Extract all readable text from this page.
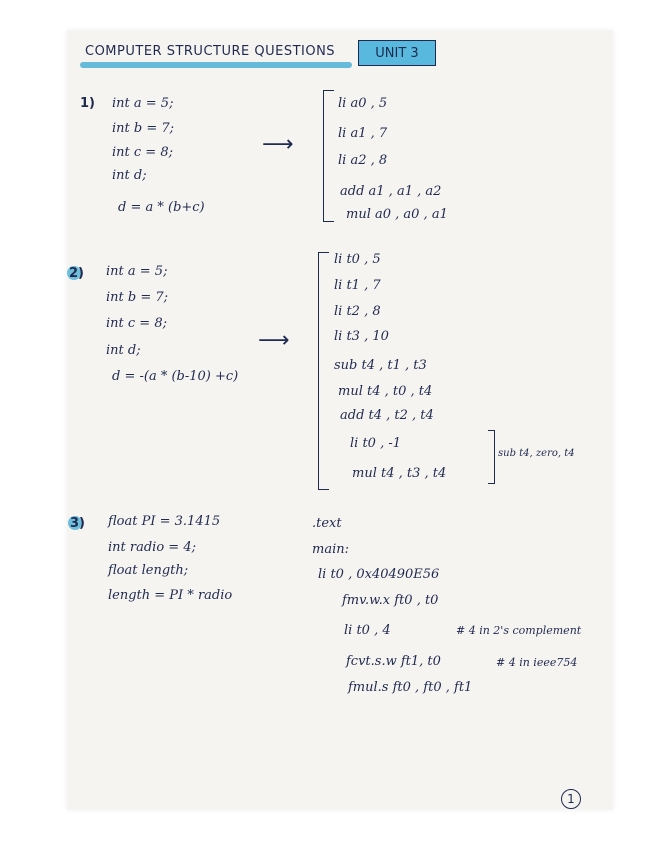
COMPUTER STRUCTURE QUESTIONS	UNIT 3
1) int a = 5;
int b = 7;
int c = 8;
int d;
d = a * (b+c)
⟶
li a0 , 5
li a1 , 7
li a2 , 8
add a1 , a1 , a2
mul a0 , a0 , a1
2) int a = 5;
int b = 7;
int c = 8;
int d;
d = -(a * (b-10) +c)
⟶
li t0 , 5
li t1 , 7
li t2 , 8
li t3 , 10
sub t4 , t1 , t3
mul t4 , t0 , t4
add t4 , t2 , t4
li t0 , -1
mul t4 , t3 , t4
sub t4, zero, t4
3) float PI = 3.1415
int radio = 4;
float length;
length = PI * radio
.text
main:
li t0 , 0x40490E56
fmv.w.x ft0 , t0
li t0 , 4	# 4 in 2's complement
fcvt.s.w ft1, t0	# 4 in ieee754
fmul.s ft0 , ft0 , ft1
1
